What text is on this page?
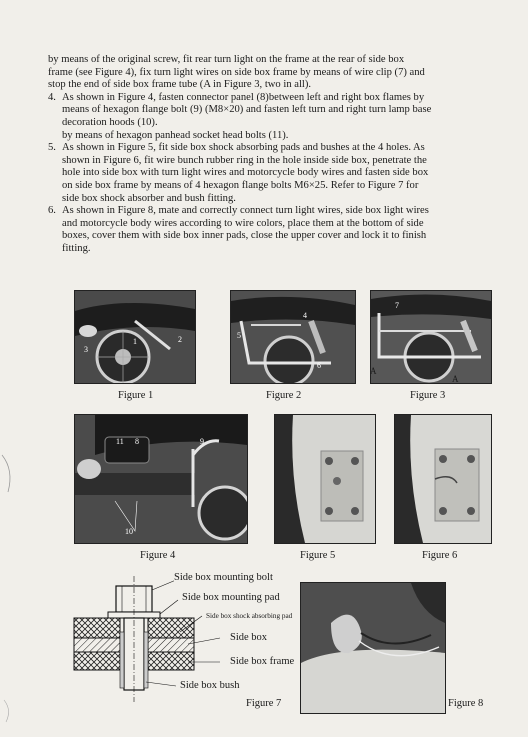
by means of the original screw, fit rear turn light on the frame at the rear of side box
frame (see Figure 4), fix turn light wires on side box frame by means of wire clip (7) and
stop the end of side box frame tube (A in Figure 3, two in all).

4. As shown in Figure 4, fasten connector panel (8)between left and right box flames by
means of hexagon flange bolt (9) (M8×20) and fasten left turn and right turn lamp base
decoration hoods (10).
by means of hexagon panhead socket head bolts (11).

5. As shown in Figure 5, fit side box shock absorbing pads and bushes at the 4 holes. As
shown in Figure 6, fit wire bunch rubber ring in the hole inside side box, penetrate the
hole into side box with turn light wires and motorcycle body wires and fasten side box
on side box frame by means of 4 hexagon flange bolts M6×25. Refer to Figure 7 for
side box shock absorber and bush fitting.

6. As shown in Figure 8, mate and correctly connect turn light wires, side box light wires
and motorcycle body wires according to wire colors, place them at the bottom of side
boxes, cover them with side box inner pads, close the upper cover and lock it to finish
fitting.

3
1	2
Figure 1
5
4
6
Figure 2
7
A
A
Figure 3
11 8	9
10
Figure 4	Figure 5	Figure 6
Side box mounting bolt
Side box mounting pad
Side box shock absorbing pad
Side box
Side box frame
Side box bush
Figure 7	Figure 8
